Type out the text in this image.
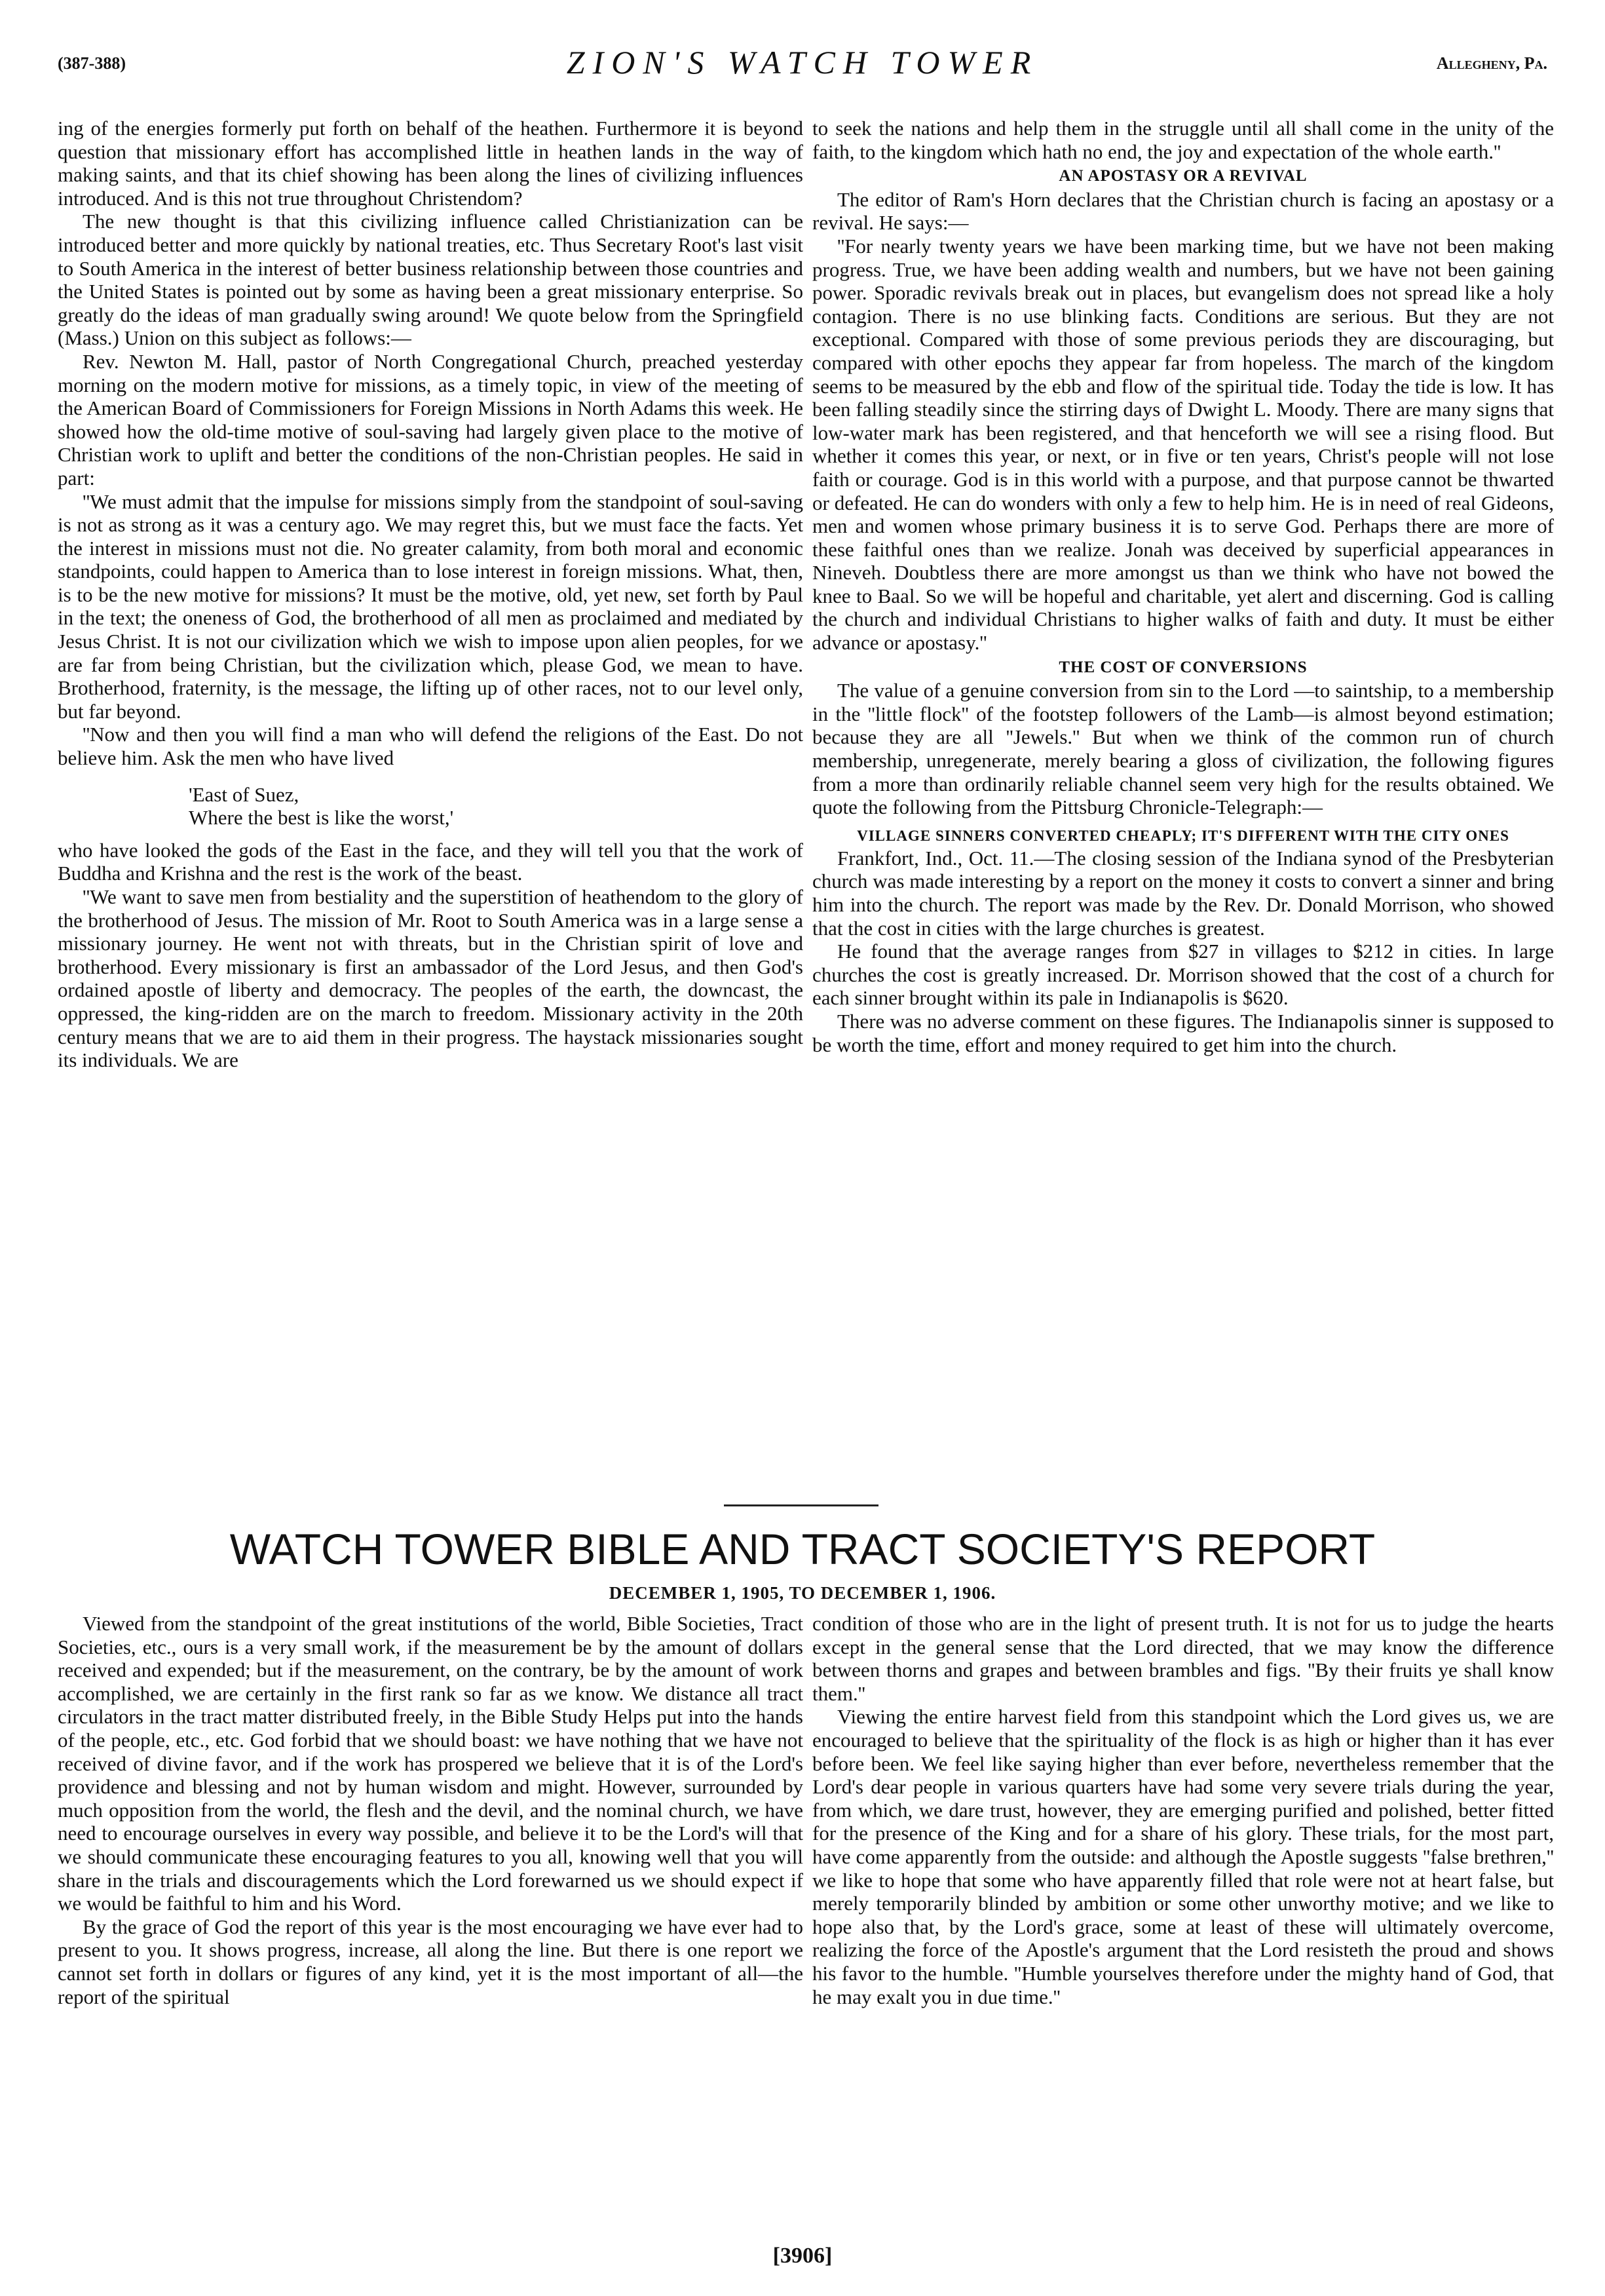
(387-388)	ZION'S WATCH TOWER	Allegheny, Pa.

ing of the energies formerly put forth on behalf of the heathen. Furthermore it is beyond question that missionary effort has accomplished little in heathen lands in the way of making saints, and that its chief showing has been along the lines of civilizing influences introduced. And is this not true throughout Christendom?

The new thought is that this civilizing influence called Christianization can be introduced better and more quickly by national treaties, etc. Thus Secretary Root's last visit to South America in the interest of better business relationship between those countries and the United States is pointed out by some as having been a great missionary enterprise. So greatly do the ideas of man gradually swing around! We quote below from the Springfield (Mass.) Union on this subject as follows:—

Rev. Newton M. Hall, pastor of North Congregational Church, preached yesterday morning on the modern motive for missions, as a timely topic, in view of the meeting of the American Board of Commissioners for Foreign Missions in North Adams this week. He showed how the old-time motive of soul-saving had largely given place to the motive of Christian work to uplift and better the conditions of the non-Christian peoples. He said in part:

''We must admit that the impulse for missions simply from the standpoint of soul-saving is not as strong as it was a century ago. We may regret this, but we must face the facts. Yet the interest in missions must not die. No greater calamity, from both moral and economic standpoints, could happen to America than to lose interest in foreign missions. What, then, is to be the new motive for missions? It must be the motive, old, yet new, set forth by Paul in the text; the oneness of God, the brotherhood of all men as proclaimed and mediated by Jesus Christ. It is not our civilization which we wish to impose upon alien peoples, for we are far from being Christian, but the civilization which, please God, we mean to have. Brotherhood, fraternity, is the message, the lifting up of other races, not to our level only, but far beyond.

''Now and then you will find a man who will defend the religions of the East. Do not believe him. Ask the men who have lived

'East of Suez,
Where the best is like the worst,'

who have looked the gods of the East in the face, and they will tell you that the work of Buddha and Krishna and the rest is the work of the beast.

''We want to save men from bestiality and the superstition of heathendom to the glory of the brotherhood of Jesus. The mission of Mr. Root to South America was in a large sense a missionary journey. He went not with threats, but in the Christian spirit of love and brotherhood. Every missionary is first an ambassador of the Lord Jesus, and then God's ordained apostle of liberty and democracy. The peoples of the earth, the downcast, the oppressed, the king-ridden are on the march to freedom. Missionary activity in the 20th century means that we are to aid them in their progress. The haystack missionaries sought its individuals. We are

to seek the nations and help them in the struggle until all shall come in the unity of the faith, to the kingdom which hath no end, the joy and expectation of the whole earth.''

AN APOSTASY OR A REVIVAL

The editor of Ram's Horn declares that the Christian church is facing an apostasy or a revival. He says:—

''For nearly twenty years we have been marking time, but we have not been making progress. True, we have been adding wealth and numbers, but we have not been gaining power. Sporadic revivals break out in places, but evangelism does not spread like a holy contagion. There is no use blinking facts. Conditions are serious. But they are not exceptional. Compared with those of some previous periods they are discouraging, but compared with other epochs they appear far from hopeless. The march of the kingdom seems to be measured by the ebb and flow of the spiritual tide. Today the tide is low. It has been falling steadily since the stirring days of Dwight L. Moody. There are many signs that low-water mark has been registered, and that henceforth we will see a rising flood. But whether it comes this year, or next, or in five or ten years, Christ's people will not lose faith or courage. God is in this world with a purpose, and that purpose cannot be thwarted or defeated. He can do wonders with only a few to help him. He is in need of real Gideons, men and women whose primary business it is to serve God. Perhaps there are more of these faithful ones than we realize. Jonah was deceived by superficial appearances in Nineveh. Doubtless there are more amongst us than we think who have not bowed the knee to Baal. So we will be hopeful and charitable, yet alert and discerning. God is calling the church and individual Christians to higher walks of faith and duty. It must be either advance or apostasy.''

THE COST OF CONVERSIONS

The value of a genuine conversion from sin to the Lord —to saintship, to a membership in the ''little flock'' of the footstep followers of the Lamb—is almost beyond estimation; because they are all ''Jewels.'' But when we think of the common run of church membership, unregenerate, merely bearing a gloss of civilization, the following figures from a more than ordinarily reliable channel seem very high for the results obtained. We quote the following from the Pittsburg Chronicle-Telegraph:—

VILLAGE SINNERS CONVERTED CHEAPLY; IT'S DIFFERENT WITH THE CITY ONES

Frankfort, Ind., Oct. 11.—The closing session of the Indiana synod of the Presbyterian church was made interesting by a report on the money it costs to convert a sinner and bring him into the church. The report was made by the Rev. Dr. Donald Morrison, who showed that the cost in cities with the large churches is greatest.

He found that the average ranges from $27 in villages to $212 in cities. In large churches the cost is greatly increased. Dr. Morrison showed that the cost of a church for each sinner brought within its pale in Indianapolis is $620.

There was no adverse comment on these figures. The Indianapolis sinner is supposed to be worth the time, effort and money required to get him into the church.

WATCH TOWER BIBLE AND TRACT SOCIETY'S REPORT
DECEMBER 1, 1905, TO DECEMBER 1, 1906.

Viewed from the standpoint of the great institutions of the world, Bible Societies, Tract Societies, etc., ours is a very small work, if the measurement be by the amount of dollars received and expended; but if the measurement, on the contrary, be by the amount of work accomplished, we are certainly in the first rank so far as we know. We distance all tract circulators in the tract matter distributed freely, in the Bible Study Helps put into the hands of the people, etc., etc. God forbid that we should boast: we have nothing that we have not received of divine favor, and if the work has prospered we believe that it is of the Lord's providence and blessing and not by human wisdom and might. However, surrounded by much opposition from the world, the flesh and the devil, and the nominal church, we have need to encourage ourselves in every way possible, and believe it to be the Lord's will that we should communicate these encouraging features to you all, knowing well that you will share in the trials and discouragements which the Lord forewarned us we should expect if we would be faithful to him and his Word.

By the grace of God the report of this year is the most encouraging we have ever had to present to you. It shows progress, increase, all along the line. But there is one report we cannot set forth in dollars or figures of any kind, yet it is the most important of all—the report of the spiritual

condition of those who are in the light of present truth. It is not for us to judge the hearts except in the general sense that the Lord directed, that we may know the difference between thorns and grapes and between brambles and figs. ''By their fruits ye shall know them.''

Viewing the entire harvest field from this standpoint which the Lord gives us, we are encouraged to believe that the spirituality of the flock is as high or higher than it has ever before been. We feel like saying higher than ever before, nevertheless remember that the Lord's dear people in various quarters have had some very severe trials during the year, from which, we dare trust, however, they are emerging purified and polished, better fitted for the presence of the King and for a share of his glory. These trials, for the most part, have come apparently from the outside: and although the Apostle suggests ''false brethren,'' we like to hope that some who have apparently filled that role were not at heart false, but merely temporarily blinded by ambition or some other unworthy motive; and we like to hope also that, by the Lord's grace, some at least of these will ultimately overcome, realizing the force of the Apostle's argument that the Lord resisteth the proud and shows his favor to the humble. ''Humble yourselves therefore under the mighty hand of God, that he may exalt you in due time.''

[3906]
